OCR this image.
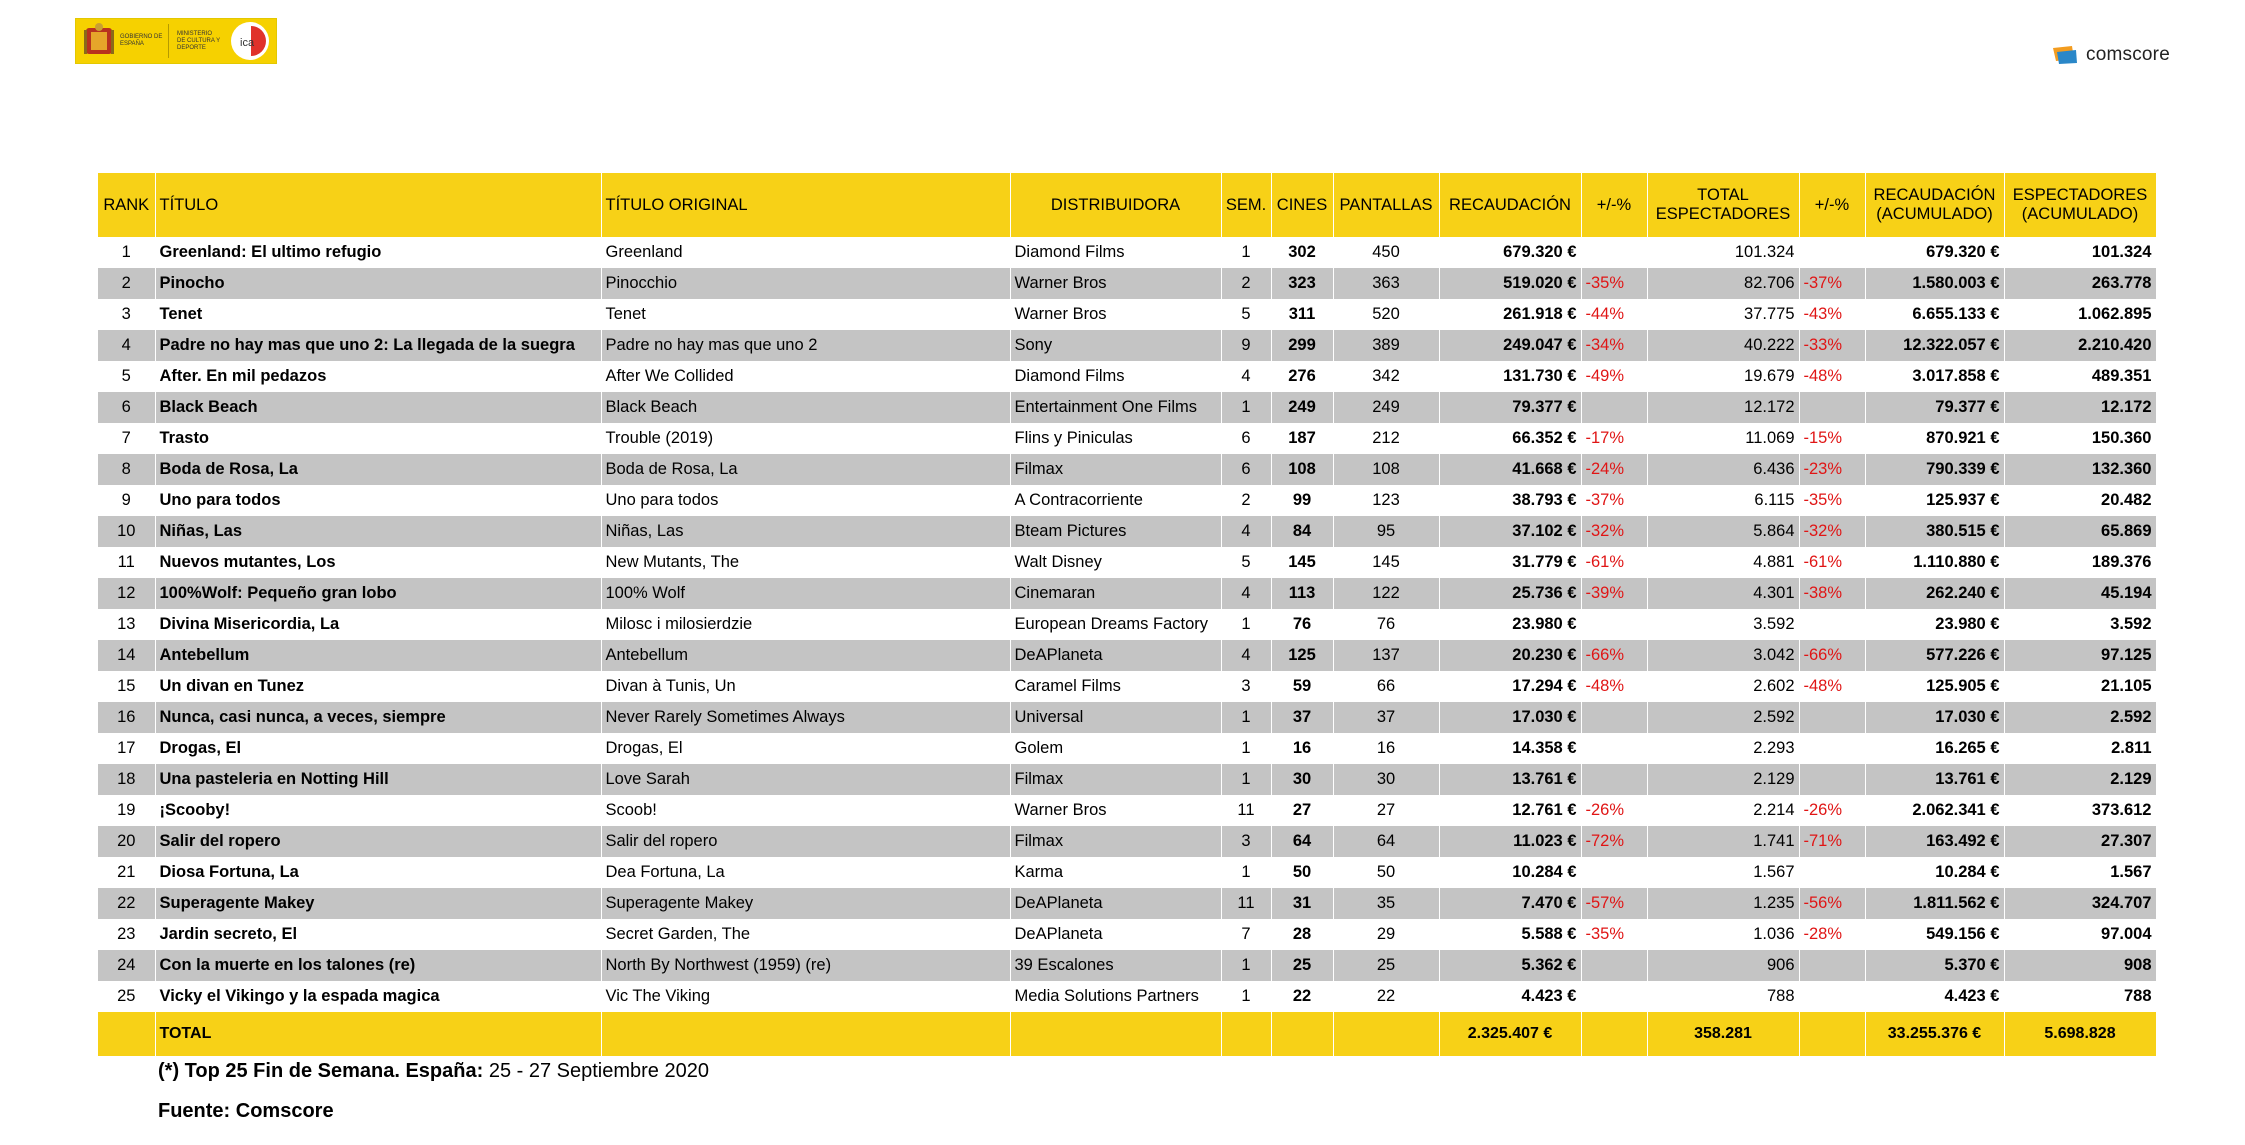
GOBIERNO DE ESPAÑA
MINISTERIO DE CULTURA Y DEPORTE	ica
comscore
RANK	TÍTULO	TÍTULO ORIGINAL	DISTRIBUIDORA	SEM.	CINES	PANTALLAS	RECAUDACIÓN	+/-%	TOTAL ESPECTADORES	+/-%	RECAUDACIÓN (ACUMULADO)	ESPECTADORES (ACUMULADO)
1	Greenland: El ultimo refugio	Greenland	Diamond Films	1	302	450	679.320 €		101.324		679.320 €	101.324
2	Pinocho	Pinocchio	Warner Bros	2	323	363	519.020 €	-35%	82.706	-37%	1.580.003 €	263.778
3	Tenet	Tenet	Warner Bros	5	311	520	261.918 €	-44%	37.775	-43%	6.655.133 €	1.062.895
4	Padre no hay mas que uno 2: La llegada de la suegra	Padre no hay mas que uno 2	Sony	9	299	389	249.047 €	-34%	40.222	-33%	12.322.057 €	2.210.420
5	After. En mil pedazos	After We Collided	Diamond Films	4	276	342	131.730 €	-49%	19.679	-48%	3.017.858 €	489.351
6	Black Beach	Black Beach	Entertainment One Films	1	249	249	79.377 €		12.172		79.377 €	12.172
7	Trasto	Trouble (2019)	Flins y Piniculas	6	187	212	66.352 €	-17%	11.069	-15%	870.921 €	150.360
8	Boda de Rosa, La	Boda de Rosa, La	Filmax	6	108	108	41.668 €	-24%	6.436	-23%	790.339 €	132.360
9	Uno para todos	Uno para todos	A Contracorriente	2	99	123	38.793 €	-37%	6.115	-35%	125.937 €	20.482
10	Niñas, Las	Niñas, Las	Bteam Pictures	4	84	95	37.102 €	-32%	5.864	-32%	380.515 €	65.869
11	Nuevos mutantes, Los	New Mutants, The	Walt Disney	5	145	145	31.779 €	-61%	4.881	-61%	1.110.880 €	189.376
12	100%Wolf: Pequeño gran lobo	100% Wolf	Cinemaran	4	113	122	25.736 €	-39%	4.301	-38%	262.240 €	45.194
13	Divina Misericordia, La	Milosc i milosierdzie	European Dreams Factory	1	76	76	23.980 €		3.592		23.980 €	3.592
14	Antebellum	Antebellum	DeAPlaneta	4	125	137	20.230 €	-66%	3.042	-66%	577.226 €	97.125
15	Un divan en Tunez	Divan à Tunis, Un	Caramel Films	3	59	66	17.294 €	-48%	2.602	-48%	125.905 €	21.105
16	Nunca, casi nunca, a veces, siempre	Never Rarely Sometimes Always	Universal	1	37	37	17.030 €		2.592		17.030 €	2.592
17	Drogas, El	Drogas, El	Golem	1	16	16	14.358 €		2.293		16.265 €	2.811
18	Una pasteleria en Notting Hill	Love Sarah	Filmax	1	30	30	13.761 €		2.129		13.761 €	2.129
19	¡Scooby!	Scoob!	Warner Bros	11	27	27	12.761 €	-26%	2.214	-26%	2.062.341 €	373.612
20	Salir del ropero	Salir del ropero	Filmax	3	64	64	11.023 €	-72%	1.741	-71%	163.492 €	27.307
21	Diosa Fortuna, La	Dea Fortuna, La	Karma	1	50	50	10.284 €		1.567		10.284 €	1.567
22	Superagente Makey	Superagente Makey	DeAPlaneta	11	31	35	7.470 €	-57%	1.235	-56%	1.811.562 €	324.707
23	Jardin secreto, El	Secret Garden, The	DeAPlaneta	7	28	29	5.588 €	-35%	1.036	-28%	549.156 €	97.004
24	Con la muerte en los talones (re)	North By Northwest (1959) (re)	39 Escalones	1	25	25	5.362 €		906		5.370 €	908
25	Vicky el Vikingo y la espada magica	Vic The Viking	Media Solutions Partners	1	22	22	4.423 €		788		4.423 €	788
	TOTAL						2.325.407 €		358.281		33.255.376 €	5.698.828
(*) Top 25 Fin de Semana. España: 25 - 27 Septiembre 2020
Fuente: Comscore
